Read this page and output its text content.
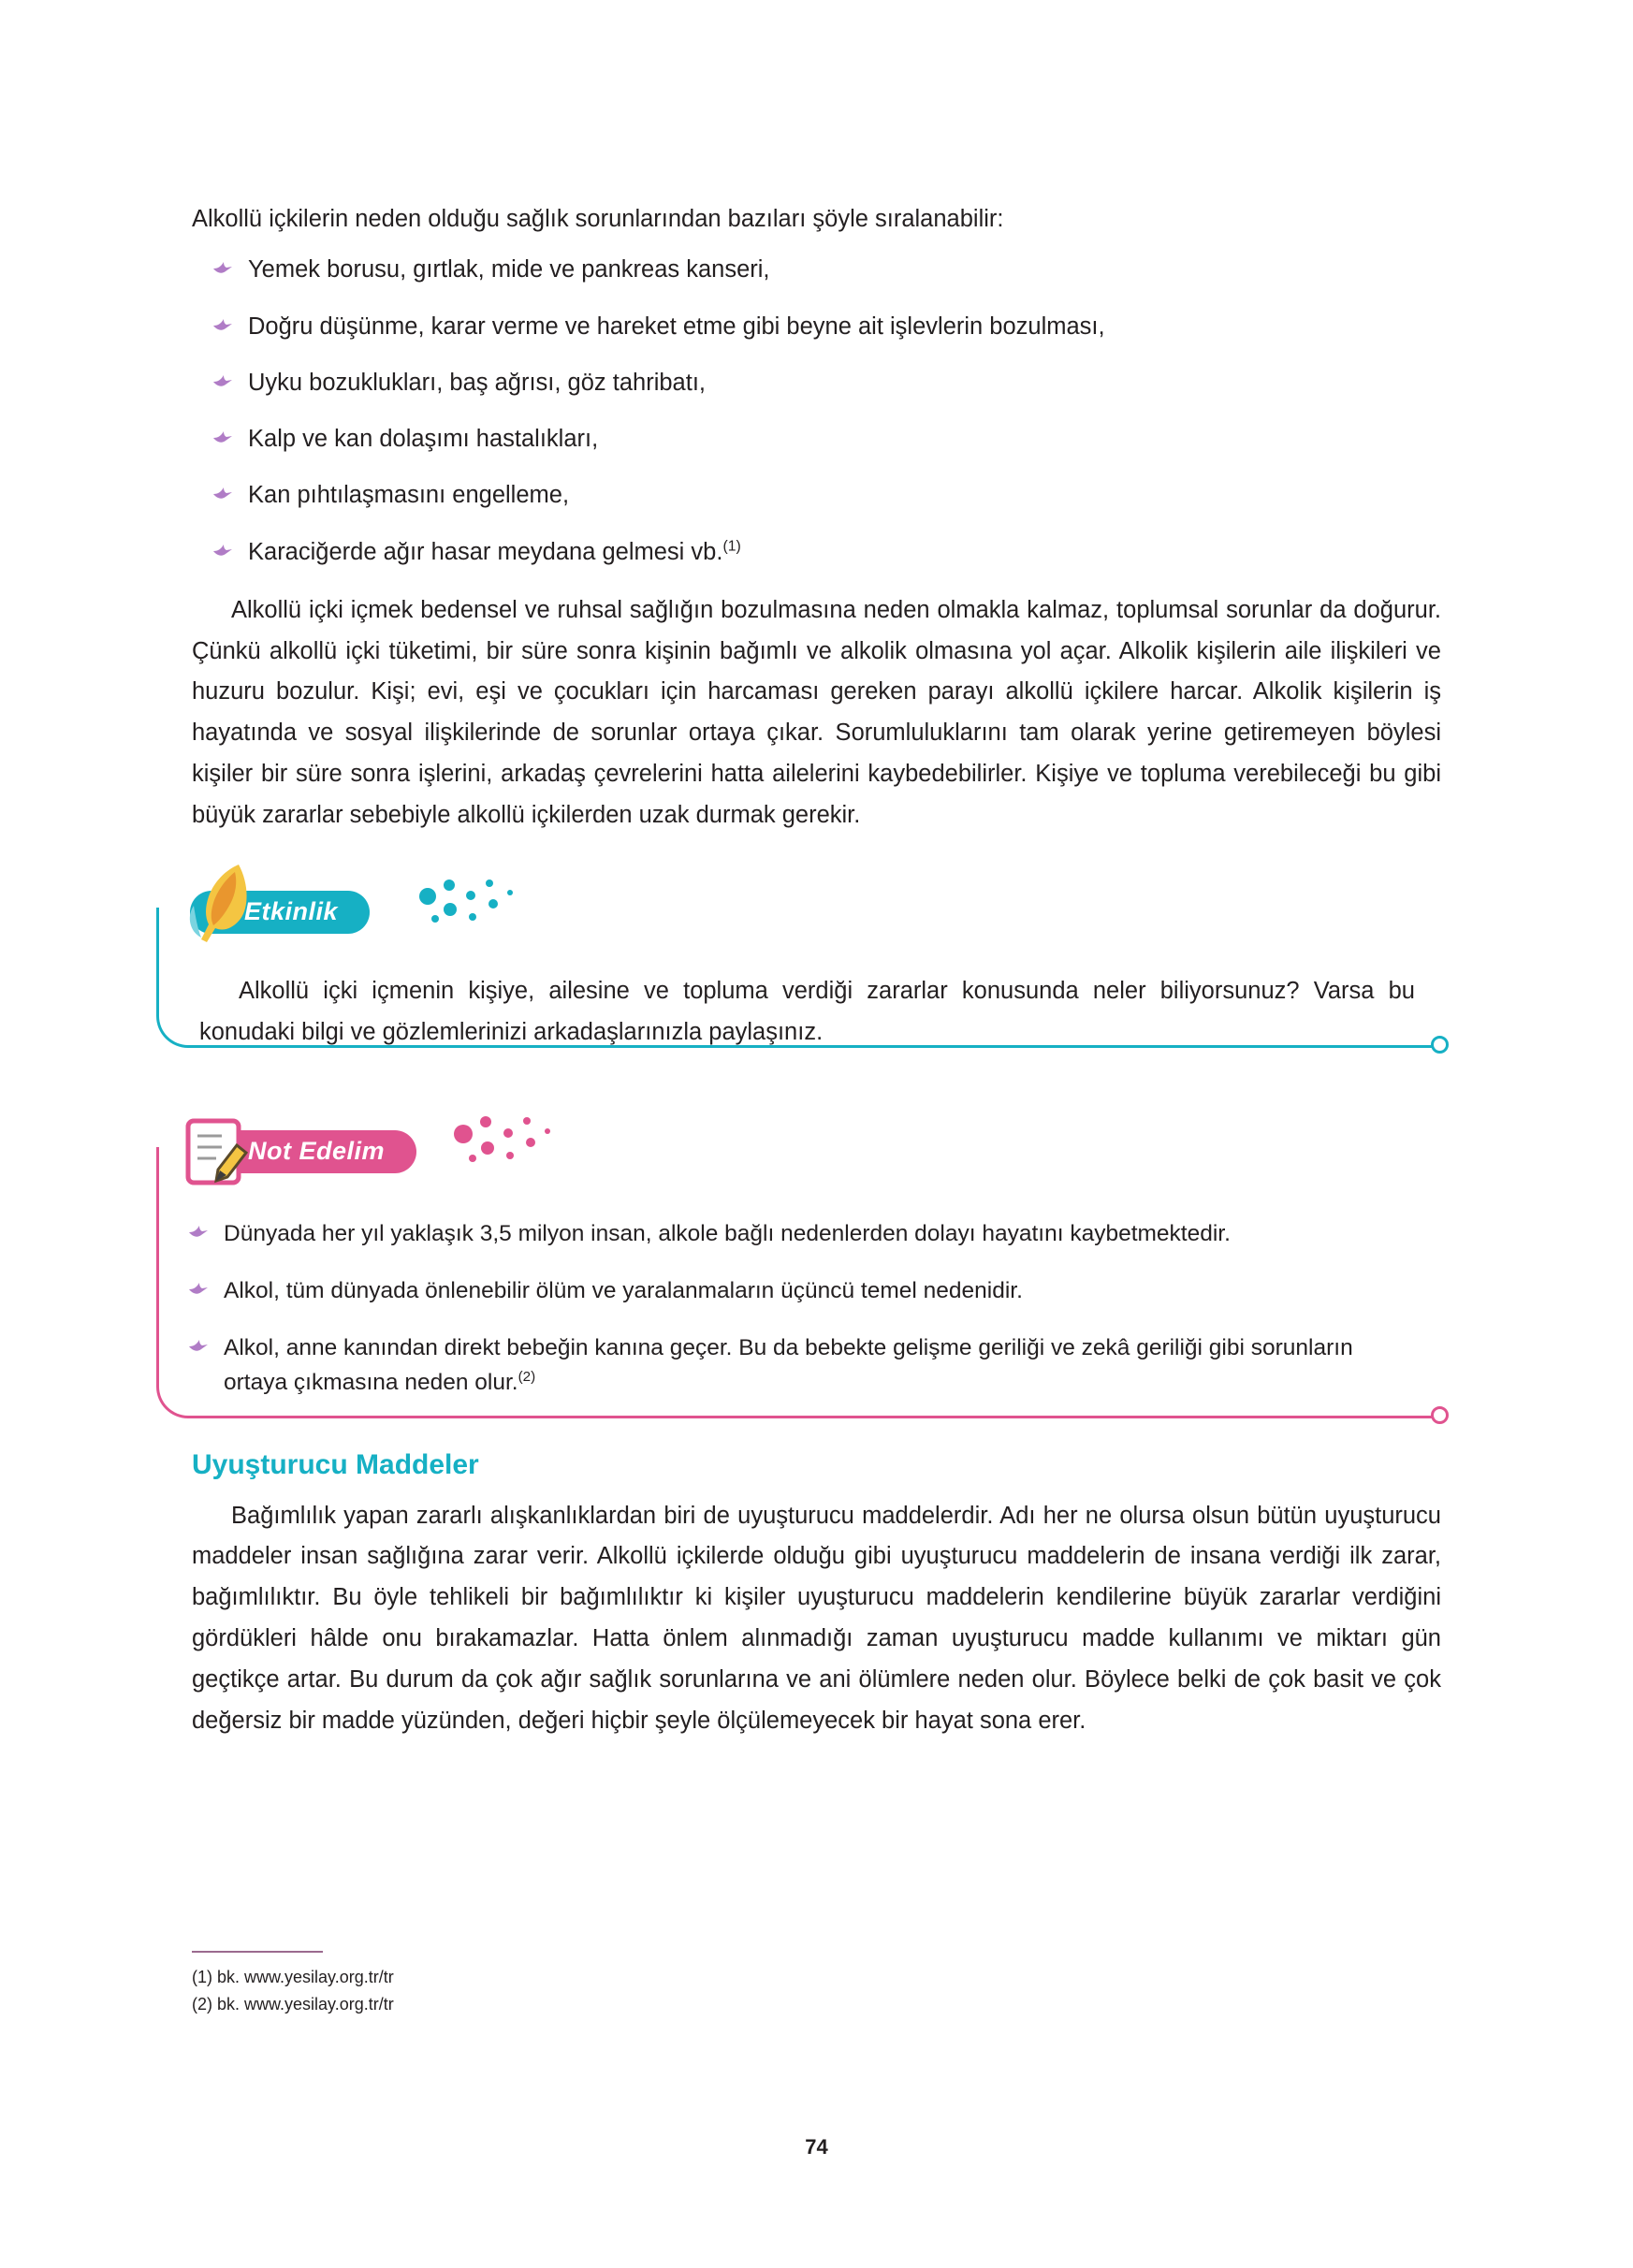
Alkollü içkilerin neden olduğu sağlık sorunlarından bazıları şöyle sıralanabilir:

Yemek borusu, gırtlak, mide ve pankreas kanseri,
Doğru düşünme, karar verme ve hareket etme gibi beyne ait işlevlerin bozulması,
Uyku bozuklukları, baş ağrısı, göz tahribatı,
Kalp ve kan dolaşımı hastalıkları,
Kan pıhtılaşmasını engelleme,
Karaciğerde ağır hasar meydana gelmesi vb.$^{(1)}$

Alkollü içki içmek bedensel ve ruhsal sağlığın bozulmasına neden olmakla kalmaz, toplumsal sorunlar da doğurur. Çünkü alkollü içki tüketimi, bir süre sonra kişinin bağımlı ve alkolik olmasına yol açar. Alkolik kişilerin aile ilişkileri ve huzuru bozulur. Kişi; evi, eşi ve çocukları için harcaması gereken parayı alkollü içkilere harcar. Alkolik kişilerin iş hayatında ve sosyal ilişkilerinde de sorunlar ortaya çıkar. Sorumluluklarını tam olarak yerine getiremeyen böylesi kişiler bir süre sonra işlerini, arkadaş çevrelerini hatta ailelerini kaybedebilirler. Kişiye ve topluma verebileceği bu gibi büyük zararlar sebebiyle alkollü içkilerden uzak durmak gerekir.

Etkinlik

Alkollü içki içmenin kişiye, ailesine ve topluma verdiği zararlar konusunda neler biliyorsunuz? Varsa bu konudaki bilgi ve gözlemlerinizi arkadaşlarınızla paylaşınız.

Not Edelim
Dünyada her yıl yaklaşık 3,5 milyon insan, alkole bağlı nedenlerden dolayı hayatını kaybetmektedir.
Alkol, tüm dünyada önlenebilir ölüm ve yaralanmaların üçüncü temel nedenidir.
Alkol, anne kanından direkt bebeğin kanına geçer. Bu da bebekte gelişme geriliği ve zekâ geriliği gibi sorunların ortaya çıkmasına neden olur.$^{(2)}$
Uyuşturucu Maddeler

Bağımlılık yapan zararlı alışkanlıklardan biri de uyuşturucu maddelerdir. Adı her ne olursa olsun bütün uyuşturucu maddeler insan sağlığına zarar verir. Alkollü içkilerde olduğu gibi uyuşturucu maddelerin de insana verdiği ilk zarar, bağımlılıktır. Bu öyle tehlikeli bir bağımlılıktır ki kişiler uyuşturucu maddelerin kendilerine büyük zararlar verdiğini gördükleri hâlde onu bırakamazlar. Hatta önlem alınmadığı zaman uyuşturucu madde kullanımı ve miktarı gün geçtikçe artar. Bu durum da çok ağır sağlık sorunlarına ve ani ölümlere neden olur. Böylece belki de çok basit ve çok değersiz bir madde yüzünden, değeri hiçbir şeyle ölçülemeyecek bir hayat sona erer.

(1) bk. www.yesilay.org.tr/tr
(2) bk. www.yesilay.org.tr/tr
74
